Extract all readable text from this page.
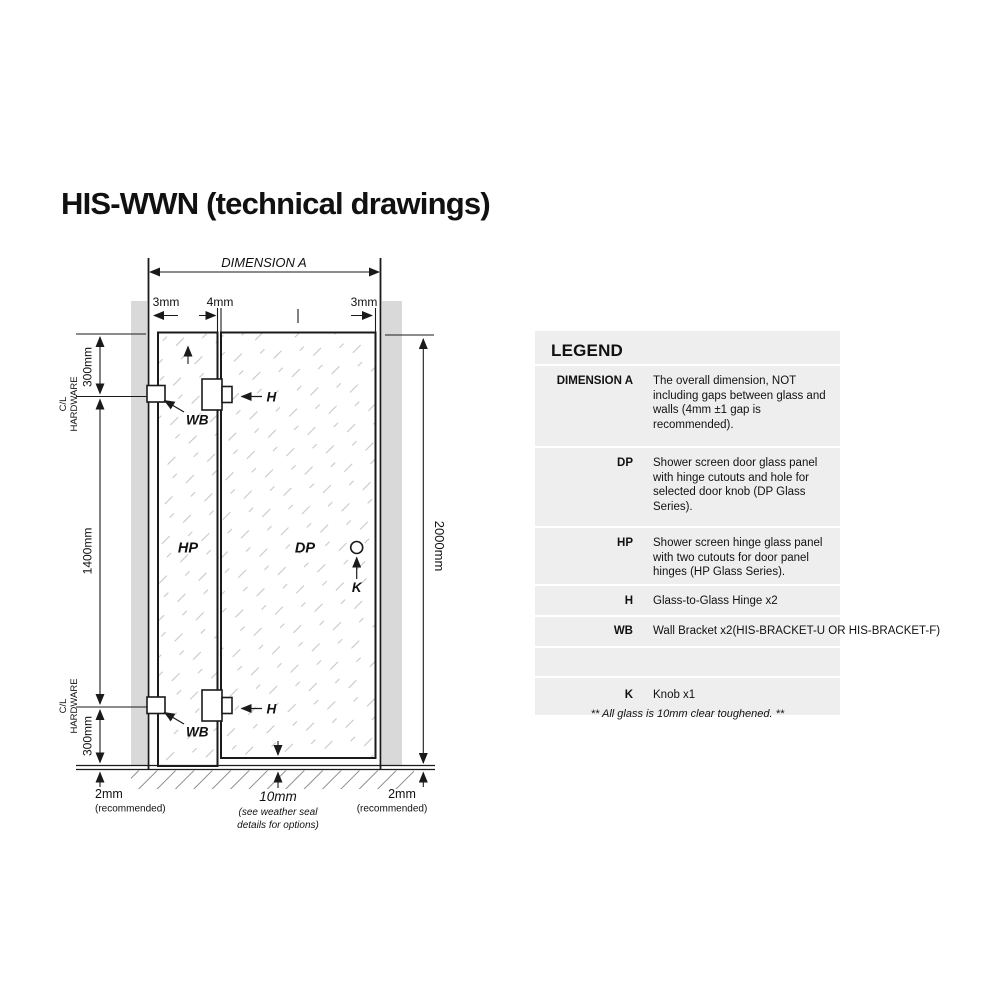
HIS-WWN (technical drawings)
DIMENSION A
3mm 4mm	3mm
300mm
C/L HARDWARE
1400mm
C/L HARDWARE
300mm
2000mm
HP	DP
H
H
WB
WB
K
2mm
(recommended)
10mm
(see weather seal
details for options)
2mm
(recommended)
LEGEND
DIMENSION A	The overall dimension, NOT including gaps between glass and walls (4mm ±1 gap is recommended).
DP	Shower screen door glass panel with hinge cutouts and hole for selected door knob (DP Glass Series).
HP	Shower screen hinge glass panel with two cutouts for door panel hinges (HP Glass Series).
H	Glass-to-Glass Hinge x2
WB	Wall Bracket x2(HIS-BRACKET-U OR HIS-BRACKET-F)
K	Knob x1
** All glass is 10mm clear toughened. **
